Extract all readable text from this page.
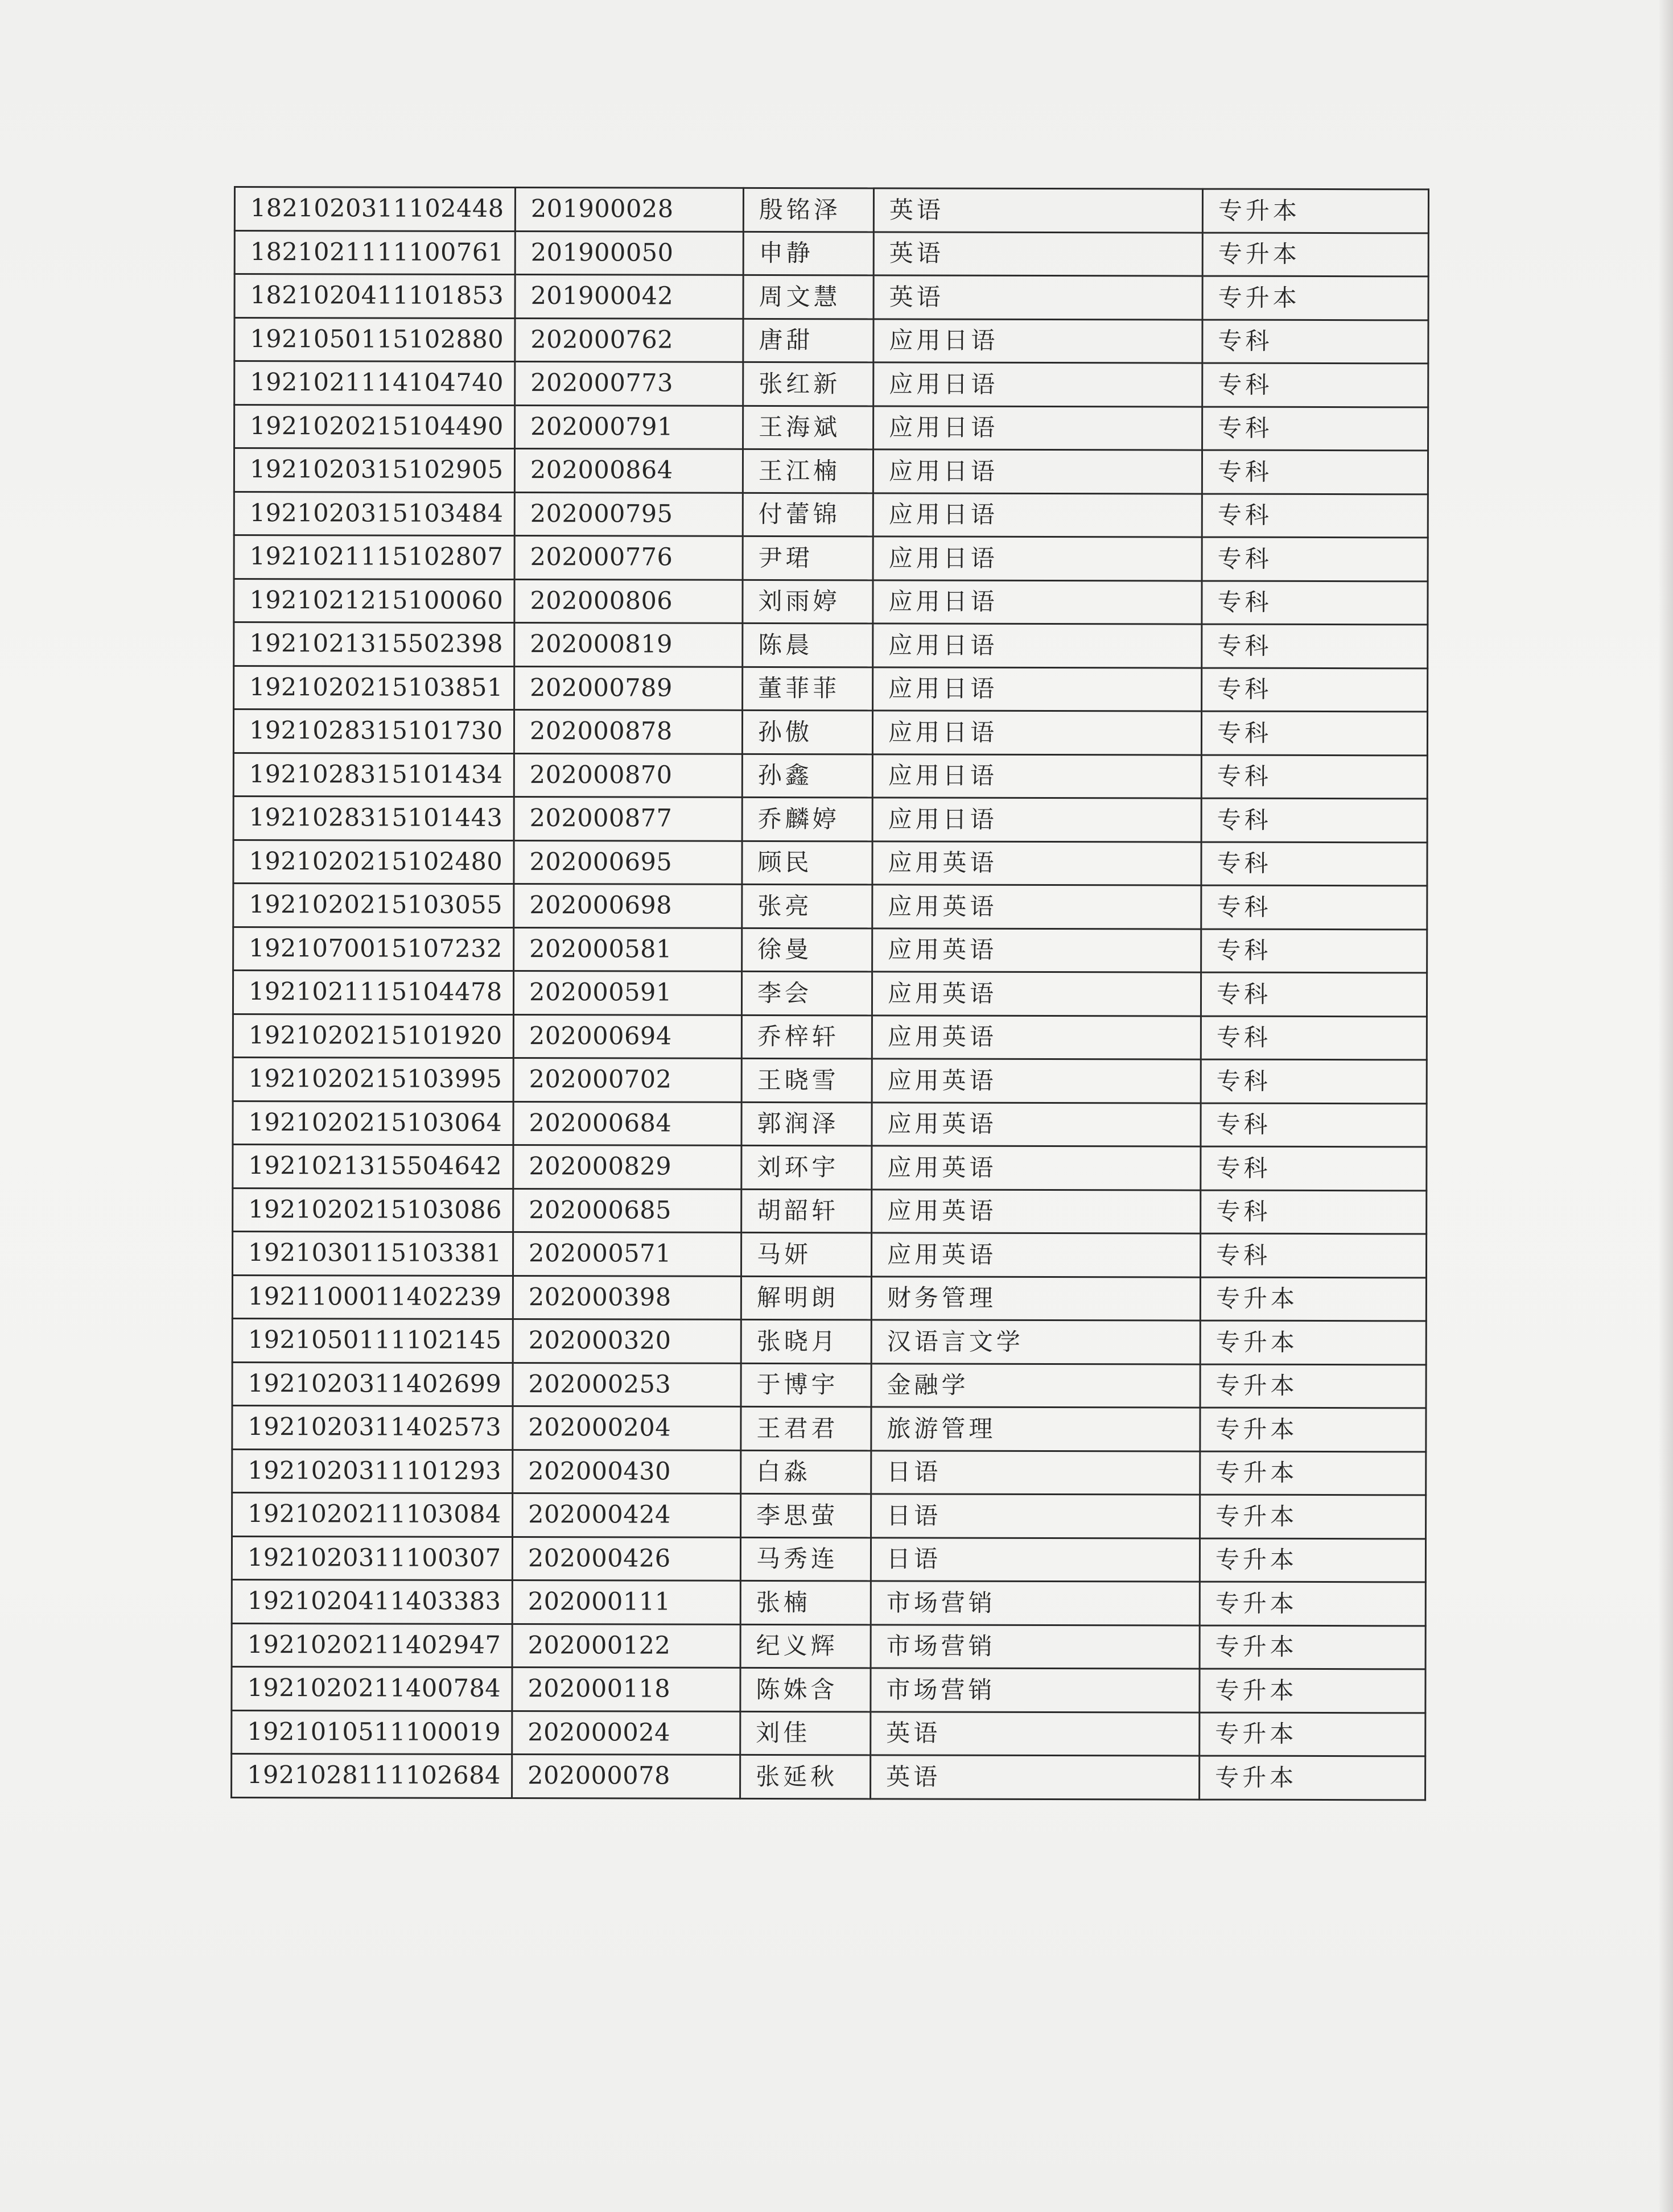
1821020311102448	201900028	殷铭泽	英语	专升本
1821021111100761	201900050	申静	英语	专升本
1821020411101853	201900042	周文慧	英语	专升本
1921050115102880	202000762	唐甜	应用日语	专科
1921021114104740	202000773	张红新	应用日语	专科
1921020215104490	202000791	王海斌	应用日语	专科
1921020315102905	202000864	王江楠	应用日语	专科
1921020315103484	202000795	付蕾锦	应用日语	专科
1921021115102807	202000776	尹珺	应用日语	专科
1921021215100060	202000806	刘雨婷	应用日语	专科
1921021315502398	202000819	陈晨	应用日语	专科
1921020215103851	202000789	董菲菲	应用日语	专科
1921028315101730	202000878	孙傲	应用日语	专科
1921028315101434	202000870	孙鑫	应用日语	专科
1921028315101443	202000877	乔麟婷	应用日语	专科
1921020215102480	202000695	顾民	应用英语	专科
1921020215103055	202000698	张亮	应用英语	专科
1921070015107232	202000581	徐曼	应用英语	专科
1921021115104478	202000591	李会	应用英语	专科
1921020215101920	202000694	乔梓轩	应用英语	专科
1921020215103995	202000702	王晓雪	应用英语	专科
1921020215103064	202000684	郭润泽	应用英语	专科
1921021315504642	202000829	刘环宇	应用英语	专科
1921020215103086	202000685	胡韶轩	应用英语	专科
1921030115103381	202000571	马妍	应用英语	专科
1921100011402239	202000398	解明朗	财务管理	专升本
1921050111102145	202000320	张晓月	汉语言文学	专升本
1921020311402699	202000253	于博宇	金融学	专升本
1921020311402573	202000204	王君君	旅游管理	专升本
1921020311101293	202000430	白淼	日语	专升本
1921020211103084	202000424	李思萤	日语	专升本
1921020311100307	202000426	马秀连	日语	专升本
1921020411403383	202000111	张楠	市场营销	专升本
1921020211402947	202000122	纪义辉	市场营销	专升本
1921020211400784	202000118	陈姝含	市场营销	专升本
1921010511100019	202000024	刘佳	英语	专升本
1921028111102684	202000078	张延秋	英语	专升本
